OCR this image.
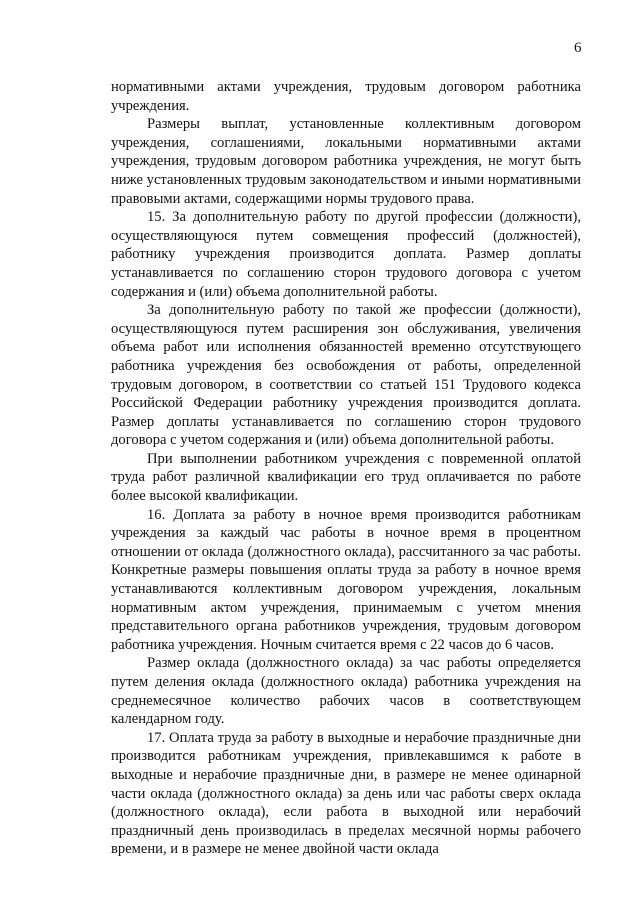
6

нормативными актами учреждения, трудовым договором работника учреждения.

Размеры выплат, установленные коллективным договором учреждения, соглашениями, локальными нормативными актами учреждения, трудовым договором работника учреждения, не могут быть ниже установленных трудовым законодательством и иными нормативными правовыми актами, содержащими нормы трудового права.

15. За дополнительную работу по другой профессии (должности), осуществляющуюся путем совмещения профессий (должностей), работнику учреждения производится доплата. Размер доплаты устанавливается по соглашению сторон трудового договора с учетом содержания и (или) объема дополнительной работы.

За дополнительную работу по такой же профессии (должности), осуществляющуюся путем расширения зон обслуживания, увеличения объема работ или исполнения обязанностей временно отсутствующего работника учреждения без освобождения от работы, определенной трудовым договором, в соответствии со статьей 151 Трудового кодекса Российской Федерации работнику учреждения производится доплата. Размер доплаты устанавливается по соглашению сторон трудового договора с учетом содержания и (или) объема дополнительной работы.

При выполнении работником учреждения с повременной оплатой труда работ различной квалификации его труд оплачивается по работе более высокой квалификации.

16. Доплата за работу в ночное время производится работникам учреждения за каждый час работы в ночное время в процентном отношении от оклада (должностного оклада), рассчитанного за час работы. Конкретные размеры повышения оплаты труда за работу в ночное время устанавливаются коллективным договором учреждения, локальным нормативным актом учреждения, принимаемым с учетом мнения представительного органа работников учреждения, трудовым договором работника учреждения. Ночным считается время с 22 часов до 6 часов.

Размер оклада (должностного оклада) за час работы определяется путем деления оклада (должностного оклада) работника учреждения на среднемесячное количество рабочих часов в соответствующем календарном году.

17. Оплата труда за работу в выходные и нерабочие праздничные дни производится работникам учреждения, привлекавшимся к работе в выходные и нерабочие праздничные дни, в размере не менее одинарной части оклада (должностного оклада) за день или час работы сверх оклада (должностного оклада), если работа в выходной или нерабочий праздничный день производилась в пределах месячной нормы рабочего времени, и в размере не менее двойной части оклада
